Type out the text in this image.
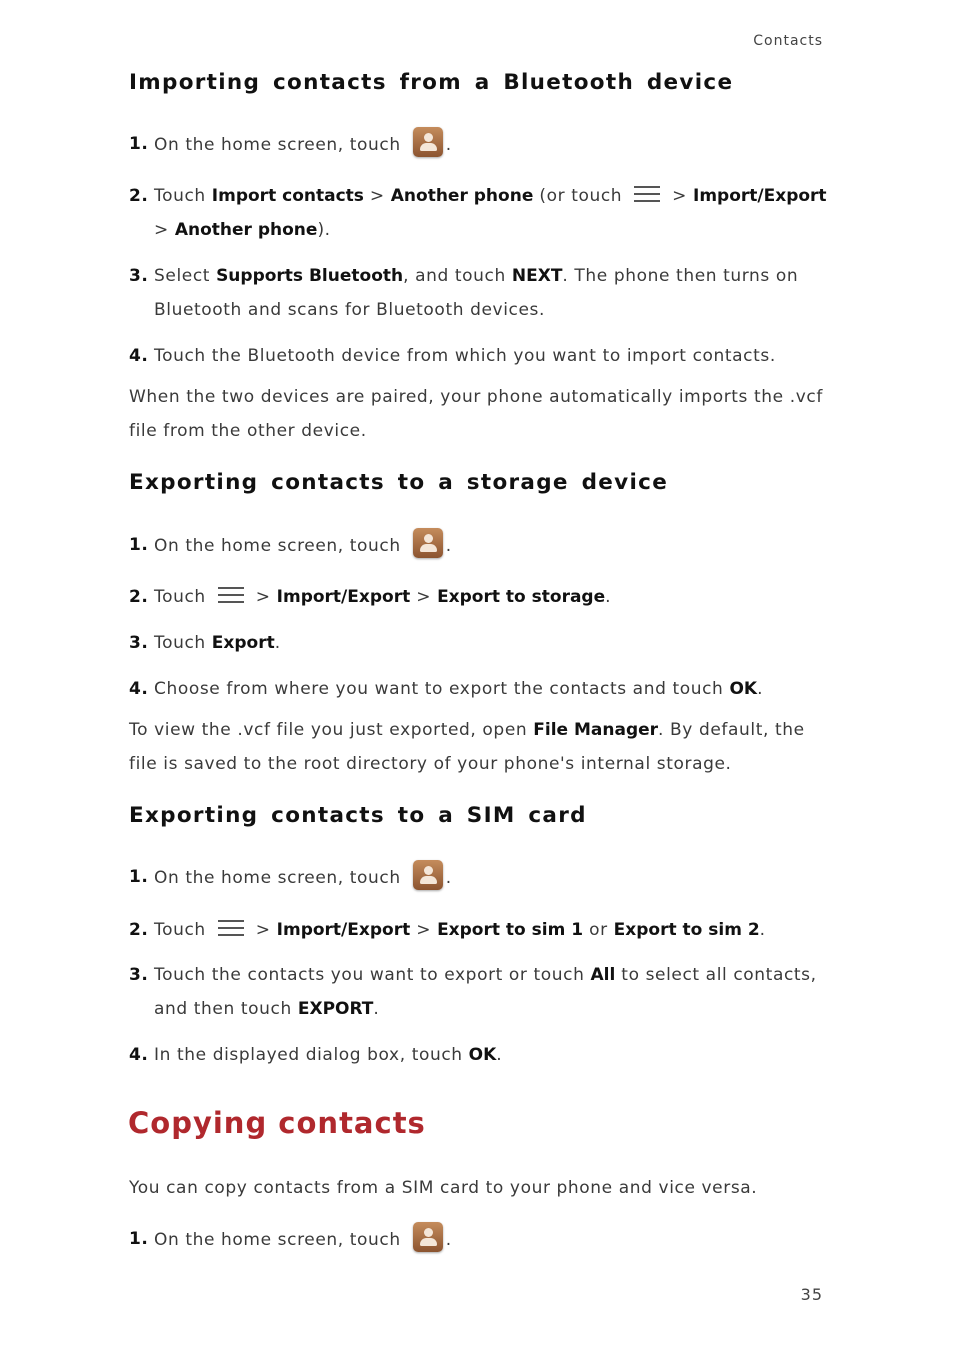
Contacts
Importing contacts from a Bluetooth device
1. On the home screen, touch	.
2. Touch Import contacts > Another phone (or touch	> Import/Export > Another phone).
3. Select Supports Bluetooth, and touch NEXT. The phone then turns on Bluetooth and scans for Bluetooth devices.
4. Touch the Bluetooth device from which you want to import contacts.
When the two devices are paired, your phone automatically imports the .vcf file from the other device.
Exporting contacts to a storage device
1. On the home screen, touch	.
2. Touch	> Import/Export > Export to storage.
3. Touch Export.
4. Choose from where you want to export the contacts and touch OK.
To view the .vcf file you just exported, open File Manager. By default, the file is saved to the root directory of your phone's internal storage.
Exporting contacts to a SIM card
1. On the home screen, touch	.
2. Touch	> Import/Export > Export to sim 1 or Export to sim 2.
3. Touch the contacts you want to export or touch All to select all contacts, and then touch EXPORT.
4. In the displayed dialog box, touch OK.
Copying contacts
You can copy contacts from a SIM card to your phone and vice versa.
1. On the home screen, touch	.
35
